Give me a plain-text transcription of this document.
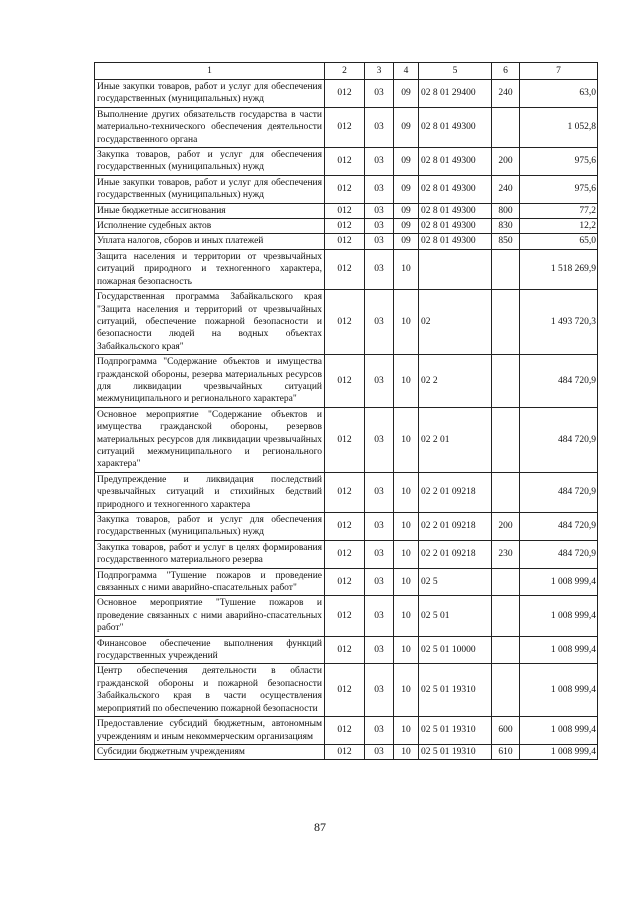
1	2	3	4	5	6	7
Иные закупки товаров, работ и услуг для обеспечения государственных (муниципальных) нужд	012	03	09	02 8 01 29400	240	63,0
Выполнение других обязательств государства в части материально-технического обеспечения деятельности государственного органа	012	03	09	02 8 01 49300		1 052,8
Закупка товаров, работ и услуг для обеспечения государственных (муниципальных) нужд	012	03	09	02 8 01 49300	200	975,6
Иные закупки товаров, работ и услуг для обеспечения государственных (муниципальных) нужд	012	03	09	02 8 01 49300	240	975,6
Иные бюджетные ассигнования	012	03	09	02 8 01 49300	800	77,2
Исполнение судебных актов	012	03	09	02 8 01 49300	830	12,2
Уплата налогов, сборов и иных платежей	012	03	09	02 8 01 49300	850	65,0
Защита населения и территории от чрезвычайных ситуаций природного и техногенного характера, пожарная безопасность	012	03	10			1 518 269,9
Государственная программа Забайкальского края "Защита населения и территорий от чрезвычайных ситуаций, обеспечение пожарной безопасности и безопасности людей на водных объектах Забайкальского края"	012	03	10	02		1 493 720,3
Подпрограмма "Содержание объектов и имущества гражданской обороны, резерва материальных ресурсов для ликвидации чрезвычайных ситуаций межмуниципального и регионального характера"	012	03	10	02 2		484 720,9
Основное мероприятие "Содержание объектов и имущества гражданской обороны, резервов материальных ресурсов для ликвидации чрезвычайных ситуаций межмуниципального и регионального характера"	012	03	10	02 2 01		484 720,9
Предупреждение и ликвидация последствий чрезвычайных ситуаций и стихийных бедствий природного и техногенного характера	012	03	10	02 2 01 09218		484 720,9
Закупка товаров, работ и услуг для обеспечения государственных (муниципальных) нужд	012	03	10	02 2 01 09218	200	484 720,9
Закупка товаров, работ и услуг в целях формирования государственного материального резерва	012	03	10	02 2 01 09218	230	484 720,9
Подпрограмма "Тушение пожаров и проведение связанных с ними аварийно-спасательных работ"	012	03	10	02 5		1 008 999,4
Основное мероприятие "Тушение пожаров и проведение связанных с ними аварийно-спасательных работ"	012	03	10	02 5 01		1 008 999,4
Финансовое обеспечение выполнения функций государственных учреждений	012	03	10	02 5 01 10000		1 008 999,4
Центр обеспечения деятельности в области гражданской обороны и пожарной безопасности Забайкальского края в части осуществления мероприятий по обеспечению пожарной безопасности	012	03	10	02 5 01 19310		1 008 999,4
Предоставление субсидий бюджетным, автономным учреждениям и иным некоммерческим организациям	012	03	10	02 5 01 19310	600	1 008 999,4
Субсидии бюджетным учреждениям	012	03	10	02 5 01 19310	610	1 008 999,4
87
